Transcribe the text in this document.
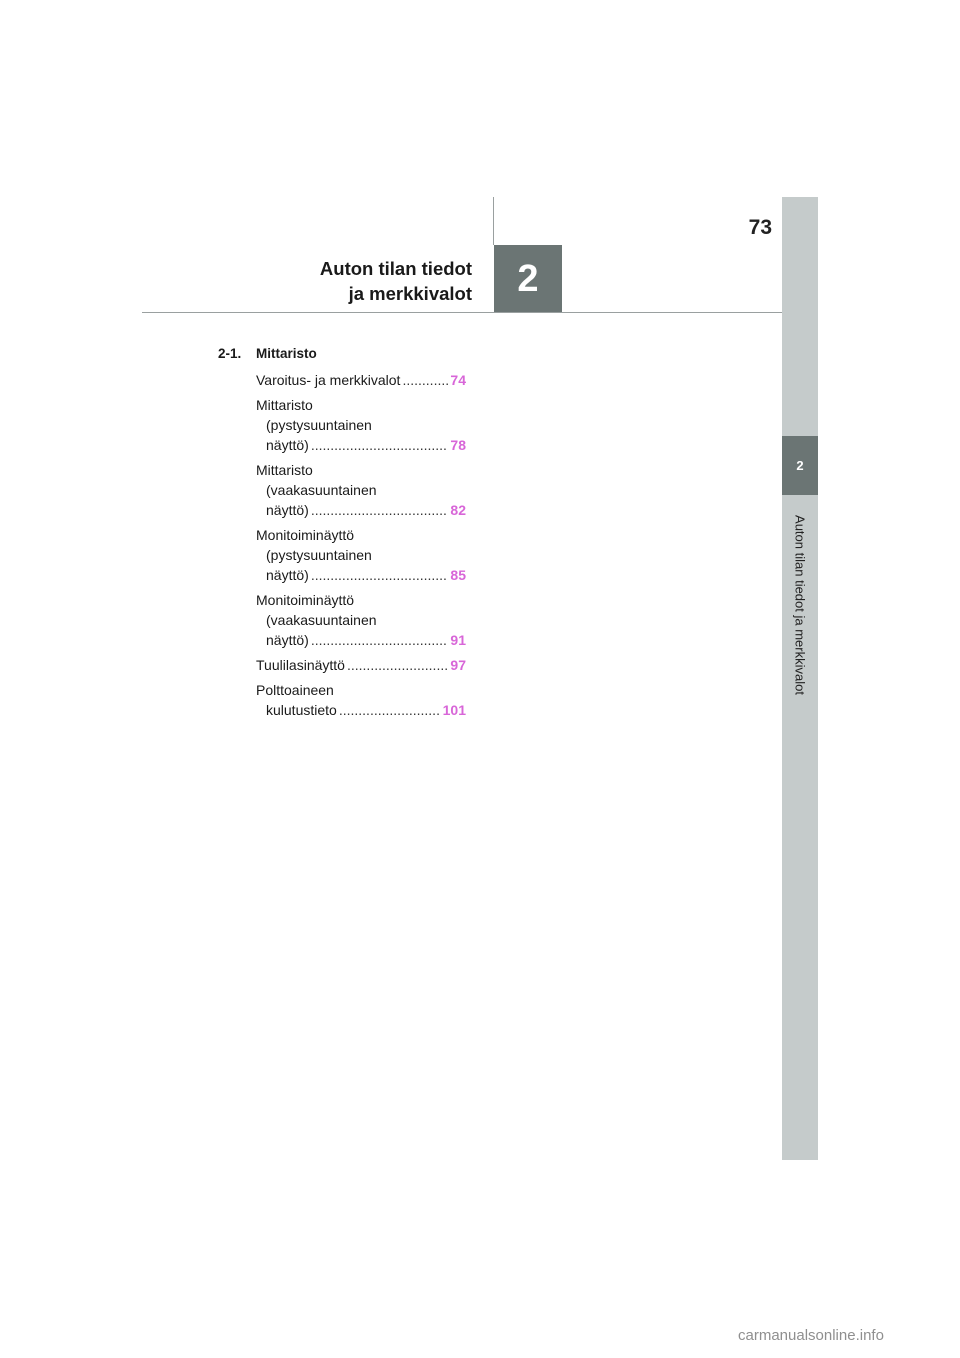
73
2
Auton tilan tiedot ja merkkivalot
2
Auton tilan tiedot
ja merkkivalot
2-1. Mittaristo
Varoitus- ja merkkivalot .....	74
Mittaristo
(pystysuuntainen
näyttö) .....	78
Mittaristo
(vaakasuuntainen
näyttö) .....	82
Monitoiminäyttö
(pystysuuntainen
näyttö) .....	85
Monitoiminäyttö
(vaakasuuntainen
näyttö) .....	91
Tuulilasinäyttö .....	97
Polttoaineen
kulutustieto .....	101
carmanualsonline.info
